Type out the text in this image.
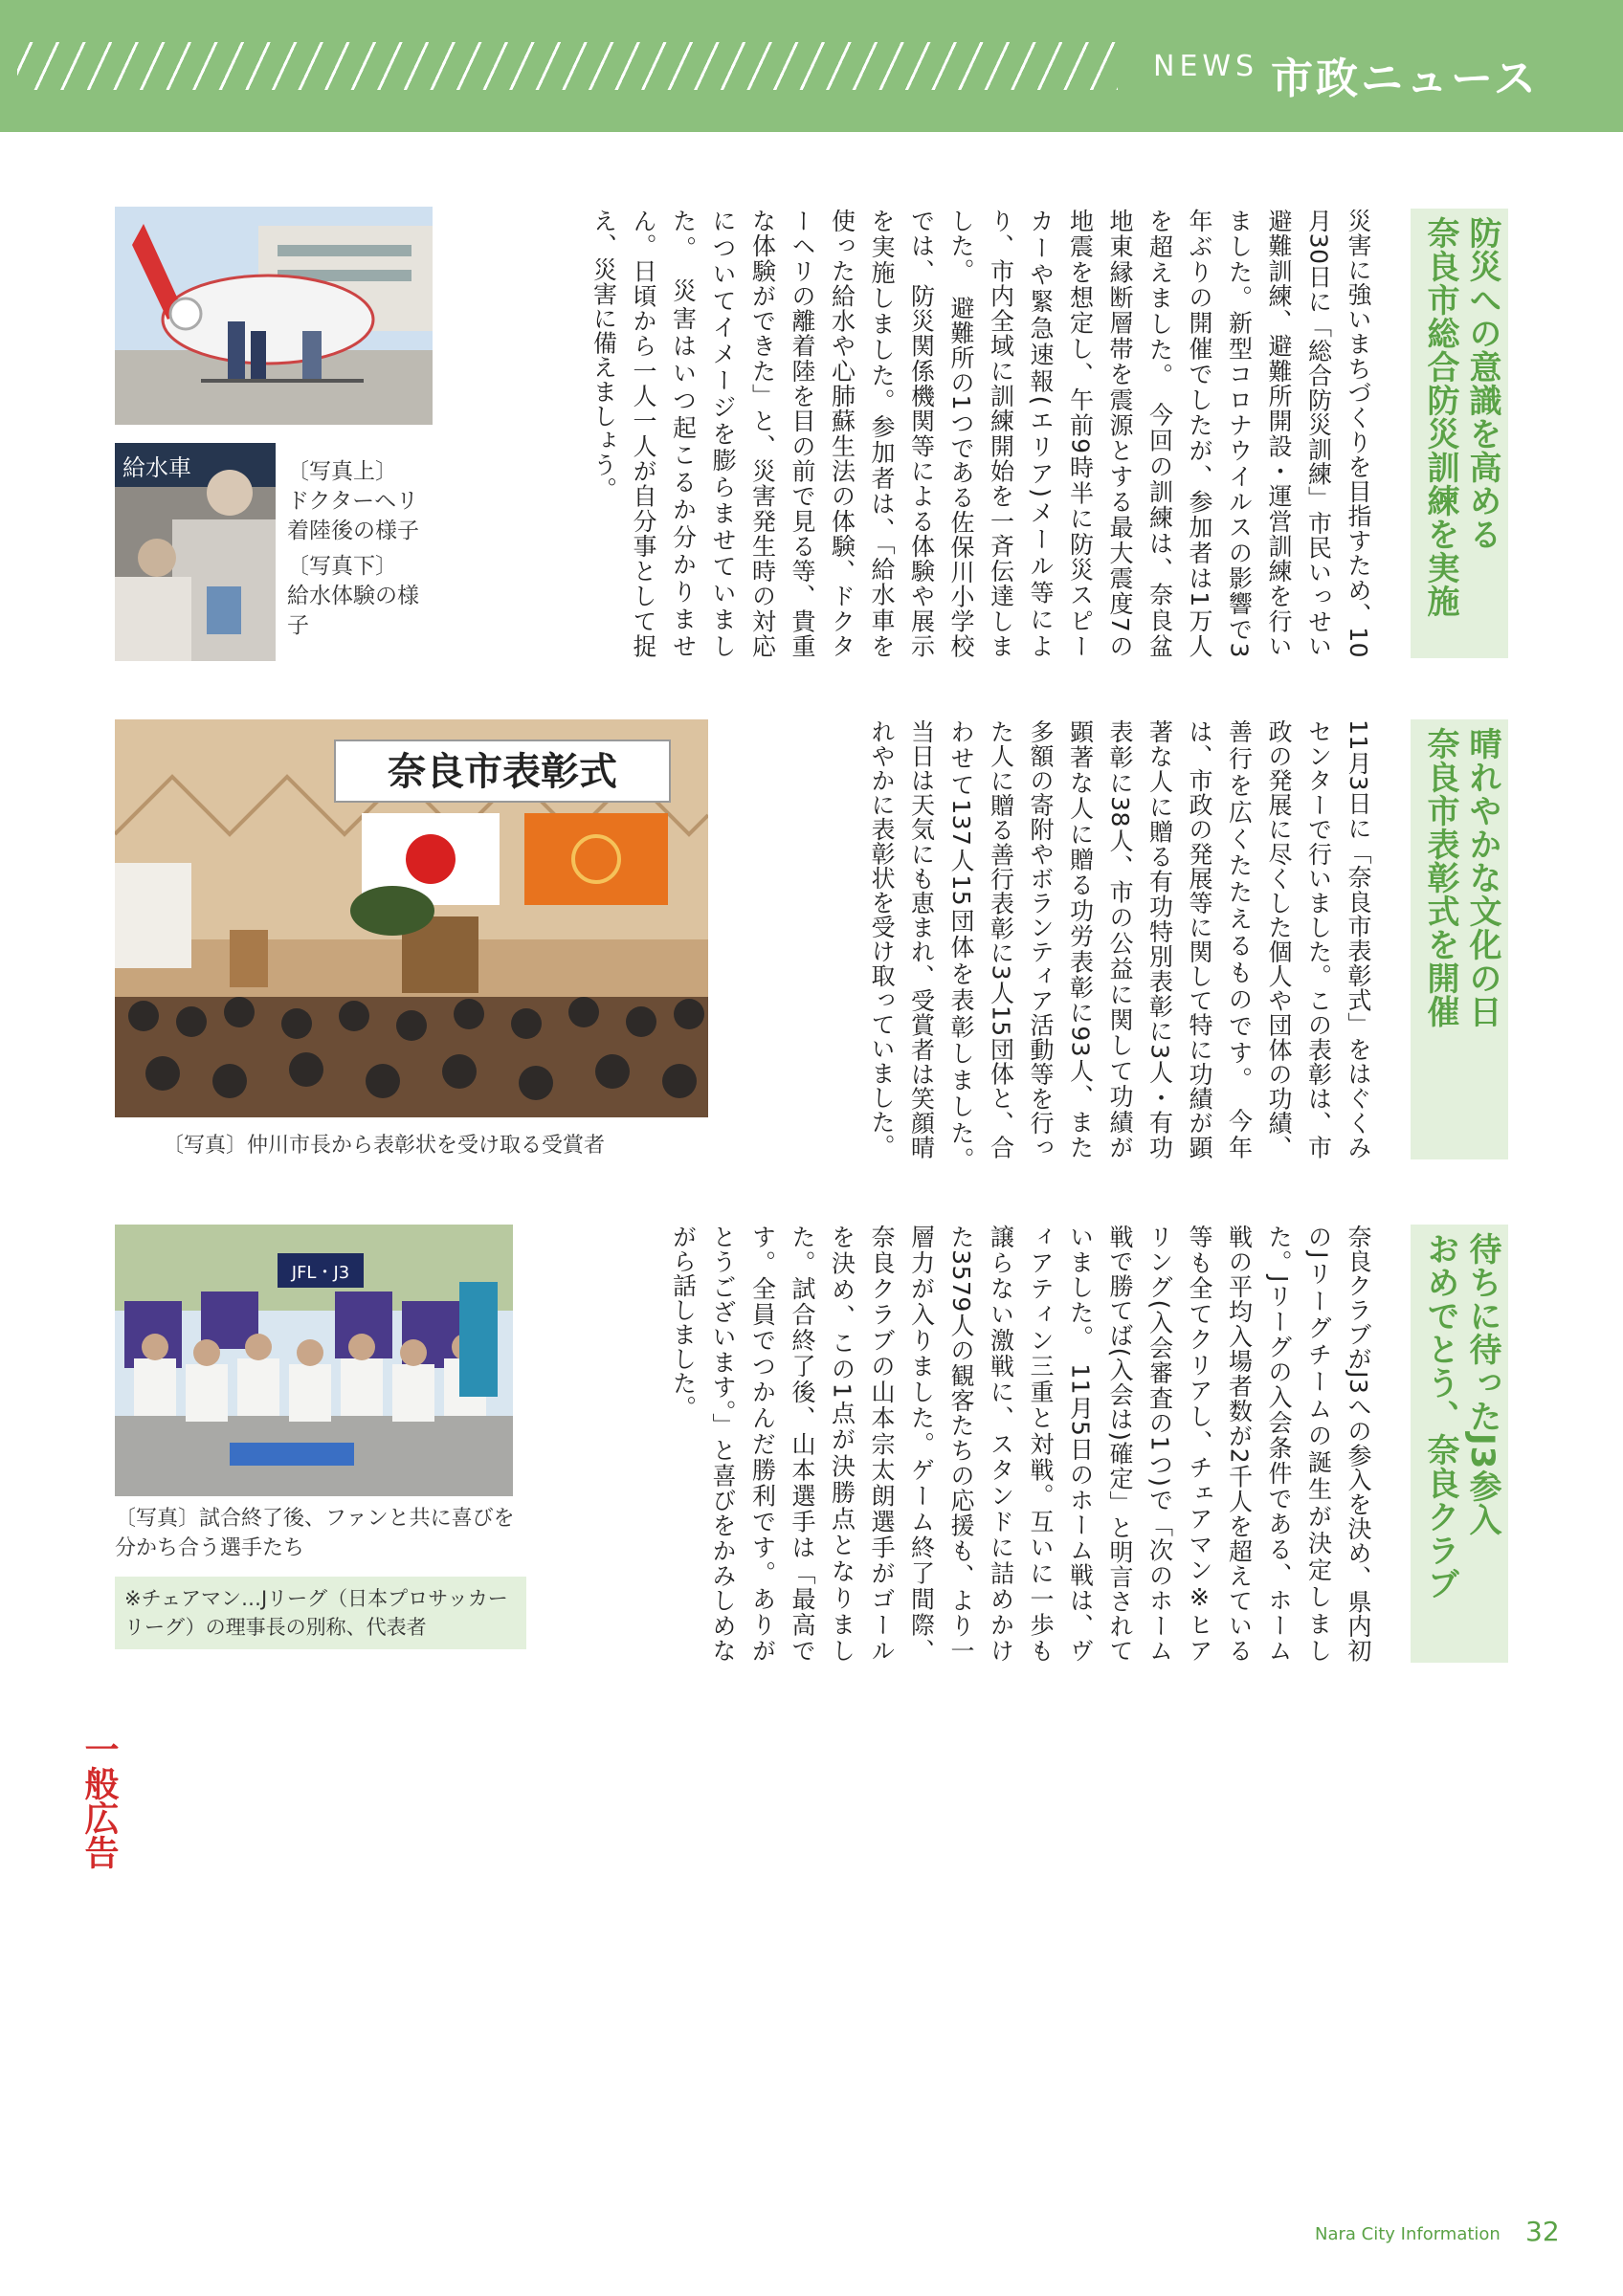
NEWS 市政ニュース
防災への意識を高める
奈良市総合防災訓練を実施
災害に強いまちづくりを目指すため、10月30日に「総合防災訓練」市民いっせい避難訓練、避難所開設・運営訓練を行いました。新型コロナウイルスの影響で3年ぶりの開催でしたが、参加者は1万人を超えました。　今回の訓練は、奈良盆地東縁断層帯を震源とする最大震度7の地震を想定し、午前9時半に防災スピーカーや緊急速報(エリア)メール等により、市内全域に訓練開始を一斉伝達しました。　避難所の1つである佐保川小学校では、防災関係機関等による体験や展示を実施しました。参加者は、「給水車を使った給水や心肺蘇生法の体験、ドクターヘリの離着陸を目の前で見る等、貴重な体験ができた」と、災害発生時の対応についてイメージを膨らませていました。　災害はいつ起こるか分かりません。日頃から一人一人が自分事として捉え、災害に備えましょう。
給水車	〔写真上〕
ドクターヘリ着陸後の様子
〔写真下〕
給水体験の様子
晴れやかな文化の日
奈良市表彰式を開催
11月3日に「奈良市表彰式」をはぐくみセンターで行いました。この表彰は、市政の発展に尽くした個人や団体の功績、善行を広くたたえるものです。　今年は、市政の発展等に関して特に功績が顕著な人に贈る有功特別表彰に3人・有功表彰に38人、市の公益に関して功績が顕著な人に贈る功労表彰に93人、また多額の寄附やボランティア活動等を行った人に贈る善行表彰に3人15団体と、合わせて137人15団体を表彰しました。　当日は天気にも恵まれ、受賞者は笑顔晴れやかに表彰状を受け取っていました。
奈良市表彰式
〔写真〕仲川市長から表彰状を受け取る受賞者
待ちに待ったJ3参入
おめでとう、奈良クラブ
奈良クラブがJ3への参入を決め、県内初のJリーグチームの誕生が決定しました。Jリーグの入会条件である、ホーム戦の平均入場者数が2千人を超えている等も全てクリアし、チェアマン※ヒアリング(入会審査の1つ)で「次のホーム戦で勝てば(入会は)確定」と明言されていました。　11月5日のホーム戦は、ヴィアティン三重と対戦。互いに一歩も譲らない激戦に、スタンドに詰めかけた3579人の観客たちの応援も、より一層力が入りました。ゲーム終了間際、奈良クラブの山本宗太朗選手がゴールを決め、この1点が決勝点となりました。試合終了後、山本選手は「最高です。全員でつかんだ勝利です。ありがとうございます。」と喜びをかみしめながら話しました。
JFL・J3
〔写真〕試合終了後、ファンと共に喜びを分かち合う選手たち
※チェアマン…Jリーグ（日本プロサッカーリーグ）の理事長の別称、代表者
一般広告
Nara City Information 32
